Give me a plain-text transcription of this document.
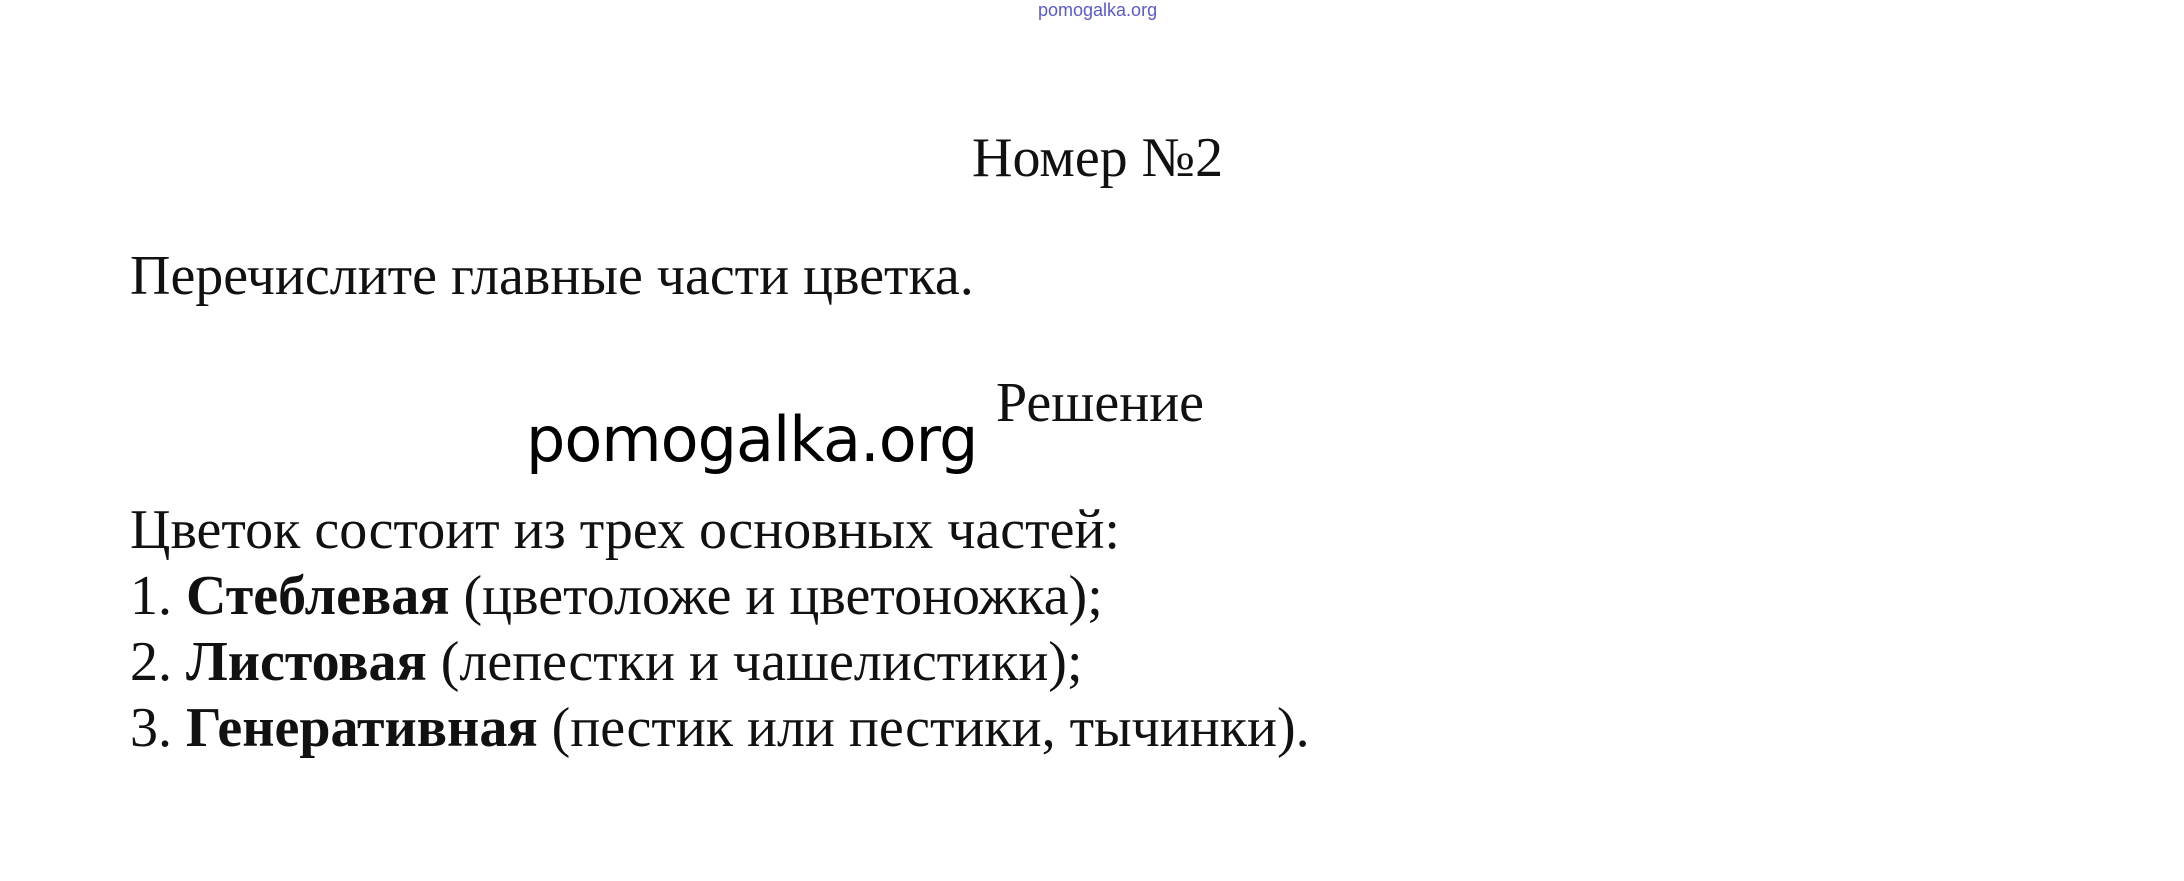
pomogalka.org
Номер №2
Перечислите главные части цветка.
Решение
pomogalka.org
Цветок состоит из трех основных частей:
1. Стеблевая (цветоложе и цветоножка);
2. Листовая (лепестки и чашелистики);
3. Генеративная (пестик или пестики, тычинки).
